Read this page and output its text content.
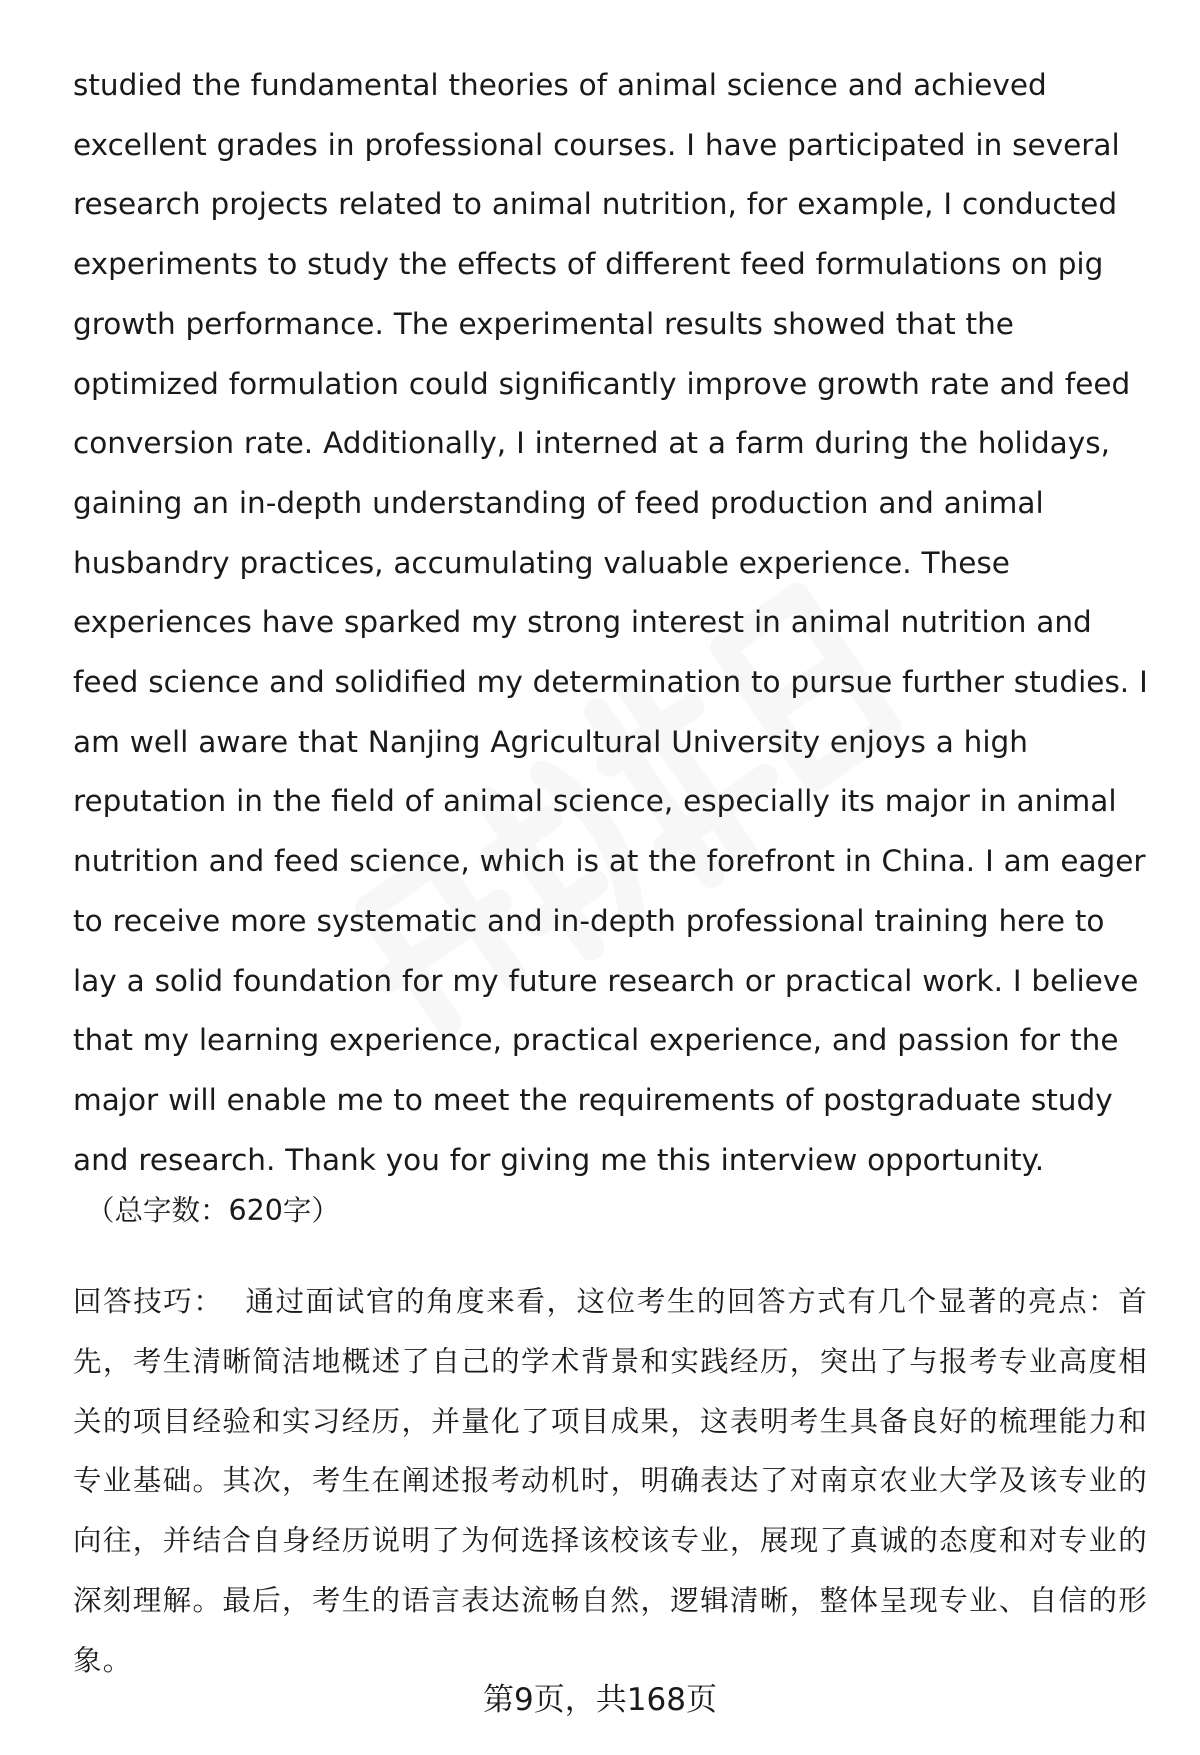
studied the fundamental theories of animal science and achieved excellent grades in professional courses. I have participated in several research projects related to animal nutrition, for example, I conducted experiments to study the effects of different feed formulations on pig growth performance. The experimental results showed that the optimized formulation could significantly improve growth rate and feed conversion rate. Additionally, I interned at a farm during the holidays, gaining an in-depth understanding of feed production and animal husbandry practices, accumulating valuable experience. These experiences have sparked my strong interest in animal nutrition and feed science and solidified my determination to pursue further studies. I am well aware that Nanjing Agricultural University enjoys a high reputation in the field of animal science, especially its major in animal nutrition and feed science, which is at the forefront in China. I am eager to receive more systematic and in-depth professional training here to lay a solid foundation for my future research or practical work. I believe that my learning experience, practical experience, and passion for the major will enable me to meet the requirements of postgraduate study and research. Thank you for giving me this interview opportunity.

（总字数：620字）
回答技巧： 通过面试官的角度来看，这位考生的回答方式有几个显著的亮点：首先，考生清晰简洁地概述了自己的学术背景和实践经历，突出了与报考专业高度相关的项目经验和实习经历，并量化了项目成果，这表明考生具备良好的梳理能力和专业基础。其次，考生在阐述报考动机时，明确表达了对南京农业大学及该专业的向往，并结合自身经历说明了为何选择该校该专业，展现了真诚的态度和对专业的深刻理解。最后，考生的语言表达流畅自然，逻辑清晰，整体呈现专业、自信的形象。
第9页，共168页
